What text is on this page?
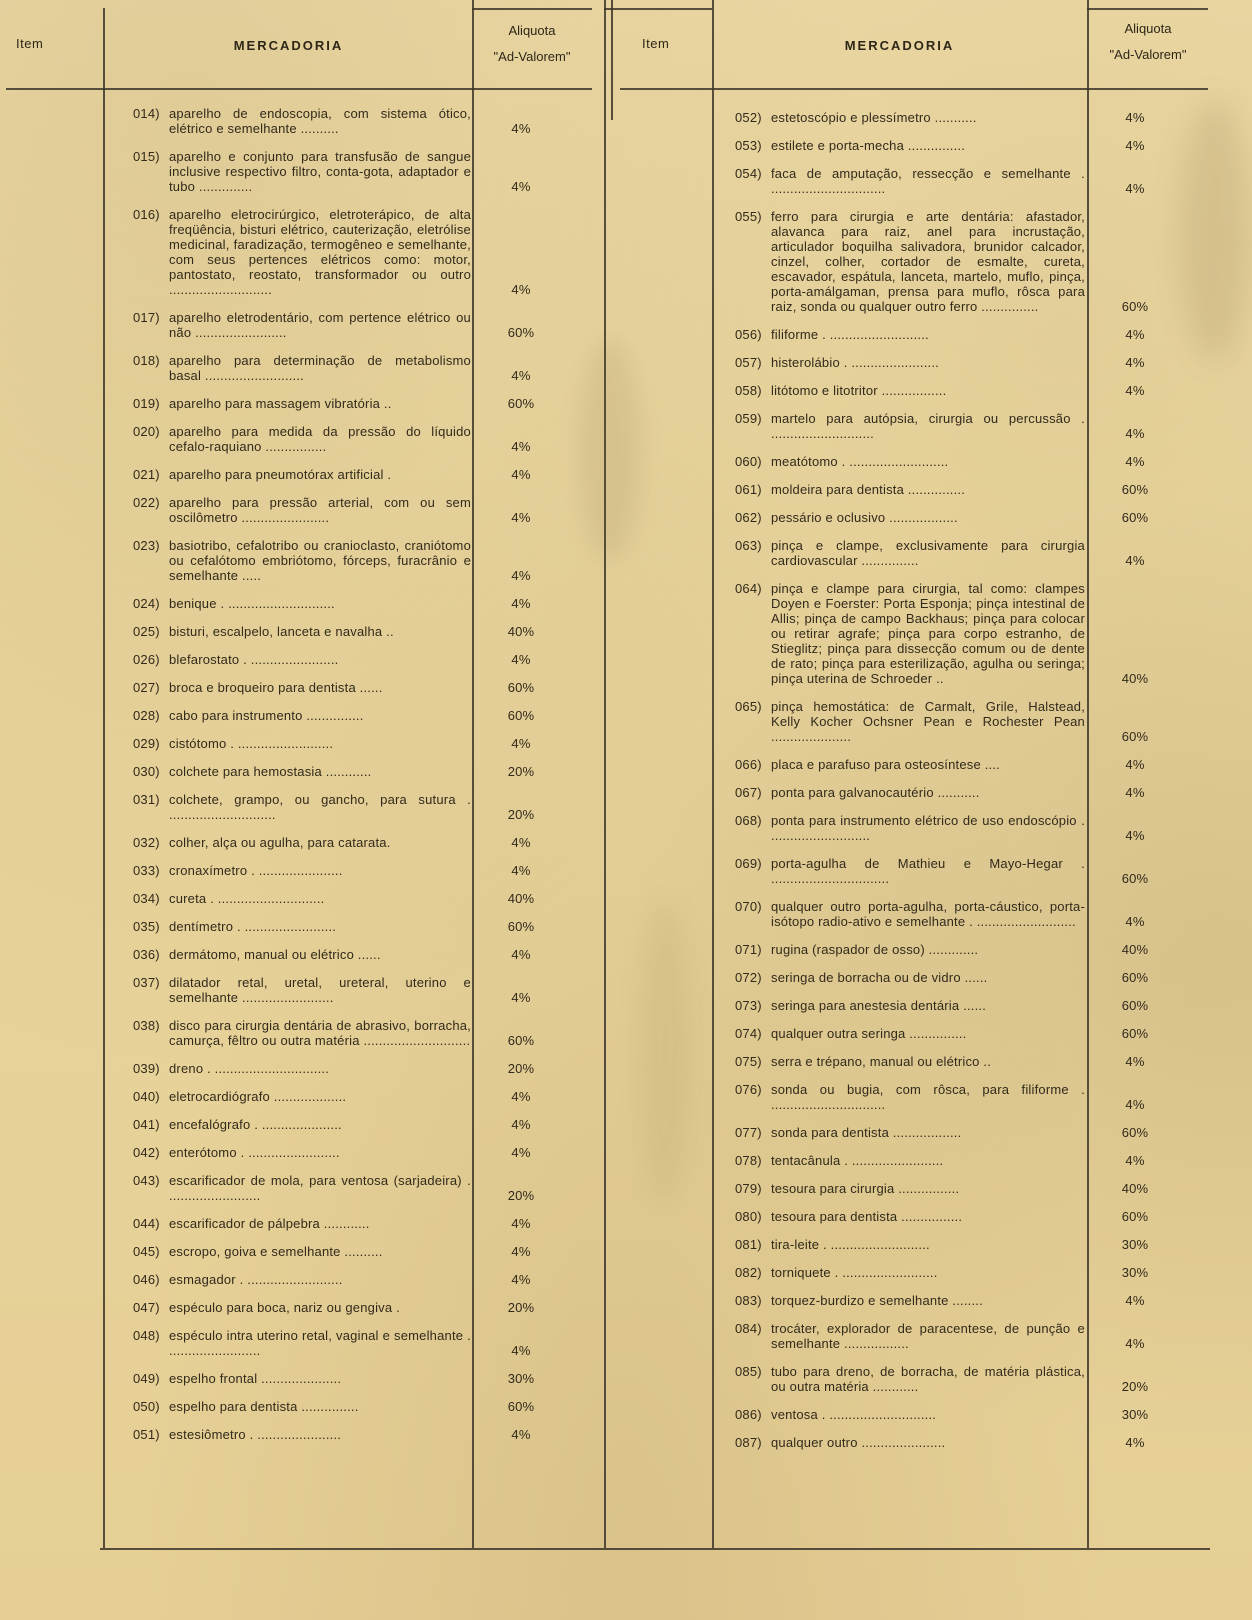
Item	MERCADORIA
Aliquota
"Ad-Valorem"
Item	MERCADORIA
Aliquota
"Ad-Valorem"
014) aparelho de endoscopia, com sistema ótico, elétrico e semelhante ..........	4%
015) aparelho e conjunto para transfusão de sangue inclusive respectivo filtro, conta-gota, adaptador e tubo ..............	4%
016) aparelho eletrocirúrgico, eletroterápico, de alta freqüência, bisturi elétrico, cauterização, eletrólise medicinal, faradização, termogêneo e semelhante, com seus pertences elétricos como: motor, pantostato, reostato, transformador ou outro ...........................	4%
017) aparelho eletrodentário, com pertence elétrico ou não ........................	60%
018) aparelho para determinação de metabolismo basal ..........................	4%
019) aparelho para massagem vibratória ..	60%
020) aparelho para medida da pressão do líquido cefalo-raquiano ................	4%
021) aparelho para pneumotórax artificial .	4%
022) aparelho para pressão arterial, com ou sem oscilômetro .......................	4%
023) basiotribo, cefalotribo ou cranioclasto, craniótomo ou cefalótomo embriótomo, fórceps, furacrânio e semelhante .....	4%
024) benique . ............................	4%
025) bisturi, escalpelo, lanceta e navalha ..	40%
026) blefarostato . .......................	4%
027) broca e broqueiro para dentista ......	60%
028) cabo para instrumento ...............	60%
029) cistótomo . .........................	4%
030) colchete para hemostasia ............	20%
031) colchete, grampo, ou gancho, para sutura . ............................	20%
032) colher, alça ou agulha, para catarata.	4%
033) cronaxímetro . ......................	4%
034) cureta . ............................	40%
035) dentímetro . ........................	60%
036) dermátomo, manual ou elétrico ......	4%
037) dilatador retal, uretal, ureteral, uterino e semelhante ........................	4%
038) disco para cirurgia dentária de abrasivo, borracha, camurça, fêltro ou outra matéria ............................	60%
039) dreno . ..............................	20%
040) eletrocardiógrafo ...................	4%
041) encefalógrafo . .....................	4%
042) enterótomo . ........................	4%
043) escarificador de mola, para ventosa (sarjadeira) . ........................	20%
044) escarificador de pálpebra ............	4%
045) escropo, goiva e semelhante ..........	4%
046) esmagador . .........................	4%
047) espéculo para boca, nariz ou gengiva .	20%
048) espéculo intra uterino retal, vaginal e semelhante . ........................	4%
049) espelho frontal .....................	30%
050) espelho para dentista ...............	60%
051) estesiômetro . ......................	4%
052) estetoscópio e plessímetro ...........	4%
053) estilete e porta-mecha ...............	4%
054) faca de amputação, ressecção e semelhante . ..............................	4%
055) ferro para cirurgia e arte dentária: afastador, alavanca para raiz, anel para incrustação, articulador boquilha salivadora, brunidor calcador, cinzel, colher, cortador de esmalte, cureta, escavador, espátula, lanceta, martelo, muflo, pinça, porta-amálgaman, prensa para muflo, rôsca para raiz, sonda ou qualquer outro ferro ...............	60%
056) filiforme . ..........................	4%
057) histerolábio . .......................	4%
058) litótomo e litotritor .................	4%
059) martelo para autópsia, cirurgia ou percussão . ...........................	4%
060) meatótomo . ..........................	4%
061) moldeira para dentista ...............	60%
062) pessário e oclusivo ..................	60%
063) pinça e clampe, exclusivamente para cirurgia cardiovascular ...............	4%
064) pinça e clampe para cirurgia, tal como: clampes Doyen e Foerster: Porta Esponja; pinça intestinal de Allis; pinça de campo Backhaus; pinça para colocar ou retirar agrafe; pinça para corpo estranho, de Stieglitz; pinça para dissecção comum ou de dente de rato; pinça para esterilização, agulha ou seringa; pinça uterina de Schroeder ..	40%
065) pinça hemostática: de Carmalt, Grile, Halstead, Kelly Kocher Ochsner Pean e Rochester Pean .....................	60%
066) placa e parafuso para osteosíntese ....	4%
067) ponta para galvanocautério ...........	4%
068) ponta para instrumento elétrico de uso endoscópio . ..........................	4%
069) porta-agulha de Mathieu e Mayo-Hegar . ...............................	60%
070) qualquer outro porta-agulha, porta-cáustico, porta-isótopo radio-ativo e semelhante . ..........................	4%
071) rugina (raspador de osso) .............	40%
072) seringa de borracha ou de vidro ......	60%
073) seringa para anestesia dentária ......	60%
074) qualquer outra seringa ...............	60%
075) serra e trépano, manual ou elétrico ..	4%
076) sonda ou bugia, com rôsca, para filiforme . ..............................	4%
077) sonda para dentista ..................	60%
078) tentacânula . ........................	4%
079) tesoura para cirurgia ................	40%
080) tesoura para dentista ................	60%
081) tira-leite . ..........................	30%
082) torniquete . .........................	30%
083) torquez-burdizo e semelhante ........	4%
084) trocáter, explorador de paracentese, de punção e semelhante .................	4%
085) tubo para dreno, de borracha, de matéria plástica, ou outra matéria ............	20%
086) ventosa . ............................	30%
087) qualquer outro ......................	4%
